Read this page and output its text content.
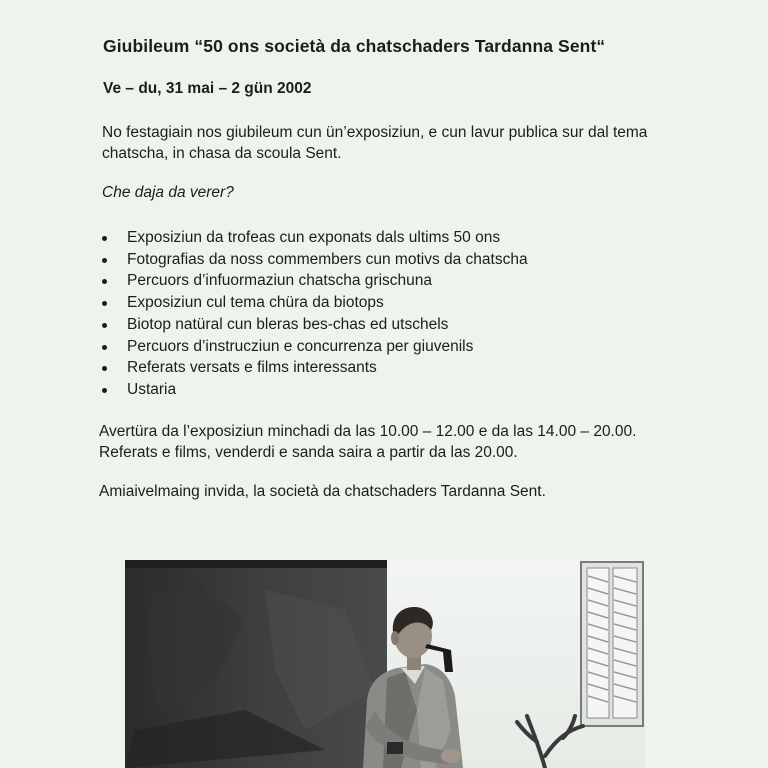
Giubileum “50 ons società da chatschaders Tardanna Sent“
Ve – du, 31 mai – 2 gün 2002
No festagiain nos giubileum cun ün’exposiziun, e cun lavur publica sur dal tema
chatscha, in chasa da scoula Sent.
Che daja da verer?
Exposiziun da trofeas cun exponats dals ultims 50 ons
Fotografias da noss commembers cun motivs da chatscha
Percuors d’infuormaziun chatscha grischuna
Exposiziun cul tema chüra da biotops
Biotop natüral cun bleras bes-chas ed utschels
Percuors d’instrucziun e concurrenza per giuvenils
Referats versats e films interessants
Ustaria
Avertüra da l’exposiziun minchadi da las 10.00 – 12.00 e da las 14.00 – 20.00.
Referats e films, venderdi e sanda saira a partir da las 20.00.
Amiaivelmaing invida, la società da chatschaders Tardanna Sent.
